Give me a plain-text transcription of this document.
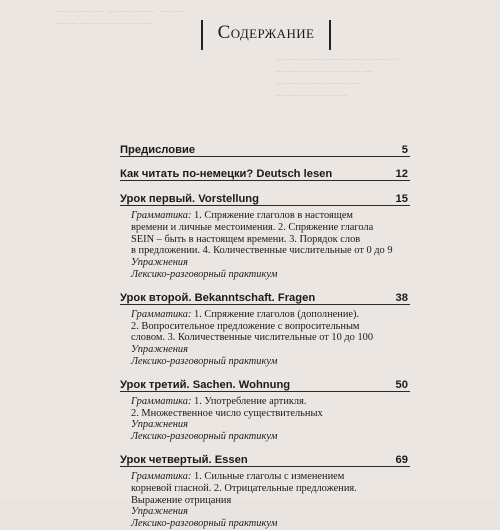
— — — —  — — — —  — —
— — — — — — — —
— — — — — — — — — —
— — — — — — — —
— — — — — — —
— — — — — —
Содержание
Предисловие	5
Как читать по-немецки? Deutsch lesen	12
Урок первый. Vorstellung	15
Грамматика: 1. Спряжение глаголов в настоящем
времени и личные местоимения. 2. Спряжение глагола
SEIN – быть в настоящем времени. 3. Порядок слов
в предложении. 4. Количественные числительные от 0 до 9
Упражнения
Лексико-разговорный практикум
Урок второй. Bekanntschaft. Fragen	38
Грамматика: 1. Спряжение глаголов (дополнение).
2. Вопросительное предложение с вопросительным
словом. 3. Количественные числительные от 10 до 100
Упражнения
Лексико-разговорный практикум
Урок третий. Sachen. Wohnung	50
Грамматика: 1. Употребление артикля.
2. Множественное число существительных
Упражнения
Лексико-разговорный практикум
Урок четвертый. Essen	69
Грамматика: 1. Сильные глаголы с изменением
корневой гласной. 2. Отрицательные предложения.
Выражение отрицания
Упражнения
Лексико-разговорный практикум
